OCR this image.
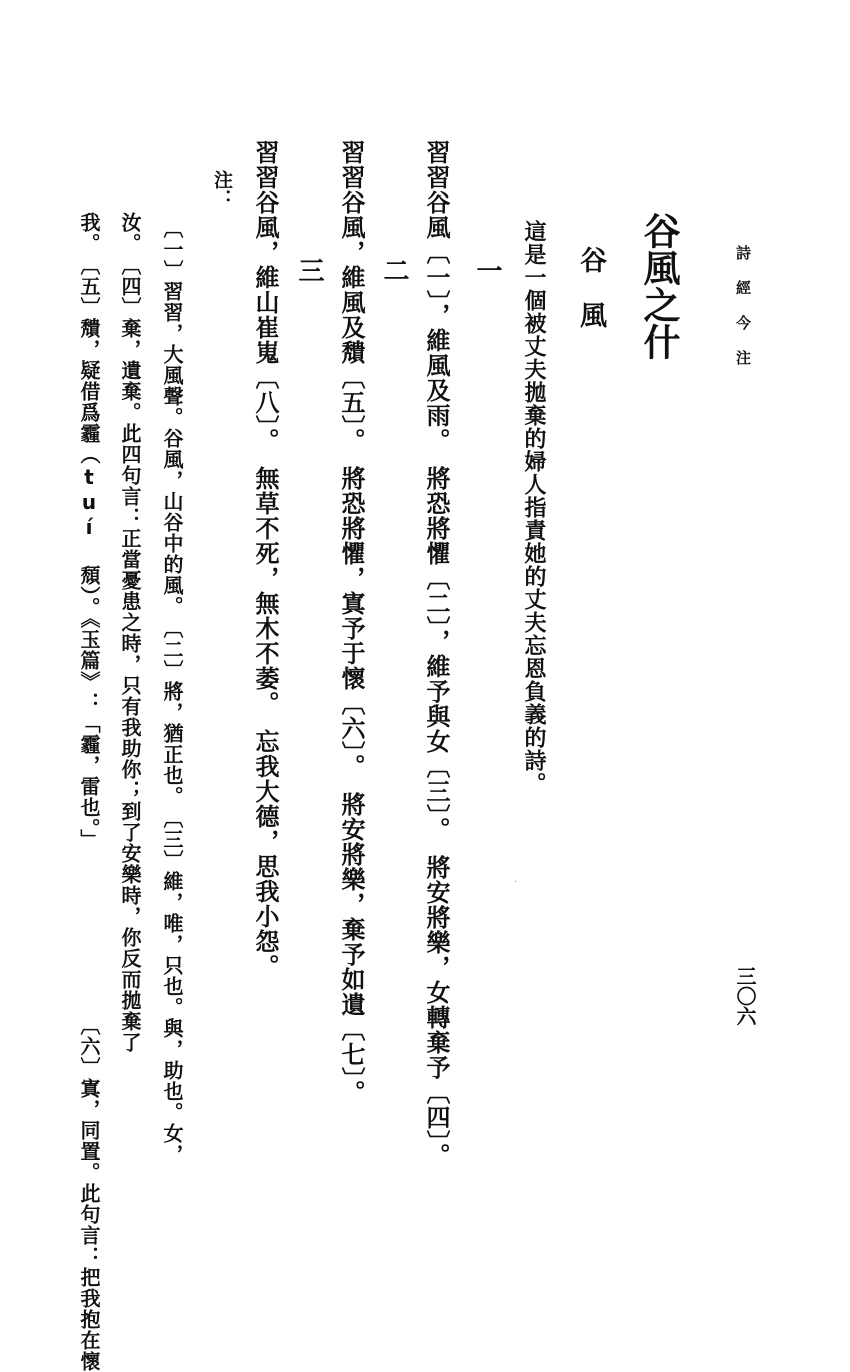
詩經今注
三〇六
谷風之什
谷風
這是一個被丈夫拋棄的婦人指責她的丈夫忘恩負義的詩。
一
習習谷風〔一〕，維風及雨。　將恐將懼〔二〕，維予與女〔三〕。　將安將樂，女轉棄予〔四〕。
二
習習谷風，維風及穨〔五〕。　將恐將懼，寘予于懷〔六〕。　將安將樂，棄予如遺〔七〕。
三
習習谷風，維山崔嵬〔八〕。　無草不死，無木不萎。　忘我大德，思我小怨。
注：
〔一〕習習，大風聲。谷風，山谷中的風。　〔二〕將，猶正也。　〔三〕維，唯，只也。與，助也。女，
汝。　〔四〕棄，遺棄。此四句言：正當憂患之時，只有我助你；到了安樂時，你反而拋棄了
我。　〔五〕穨，疑借爲霾（tuí 頹）。《玉篇》：「霾，雷也。」
〔六〕寘，同置。此句言：把我抱在懷
